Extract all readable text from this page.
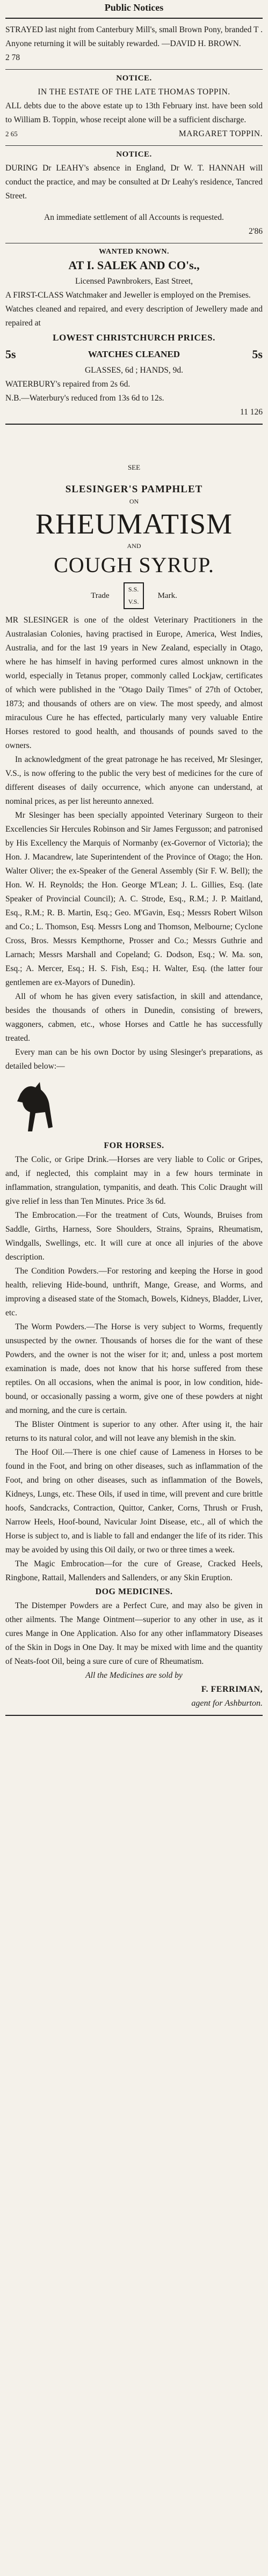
Public Notices

STRAYED last night from Canterbury Mill's, small Brown Pony, branded T . Anyone returning it will be suitably rewarded. —DAVID H. BROWN.

2 78
NOTICE.

IN THE ESTATE OF THE LATE THOMAS TOPPIN.

ALL debts due to the above estate up to 13th February inst. have been sold to William B. Toppin, whose receipt alone will be a sufficient discharge.

2 65	MARGARET TOPPIN.
NOTICE.

DURING Dr LEAHY's absence in England, Dr W. T. HANNAH will conduct the practice, and may be consulted at Dr Leahy's residence, Tancred Street.

An immediate settlement of all Accounts is requested.

2'86
WANTED KNOWN.
AT I. SALEK AND CO's.,

Licensed Pawnbrokers, East Street,

A FIRST-CLASS Watchmaker and Jeweller is employed on the Premises.

Watches cleaned and repaired, and every description of Jewellery made and repaired at

LOWEST CHRISTCHURCH PRICES.
5s	WATCHES CLEANED	5s

GLASSES, 6d ; HANDS, 9d.

WATERBURY's repaired from 2s 6d.

N.B.—Waterbury's reduced from 13s 6d to 12s.

11 126
SEE
SLESINGER'S PAMPHLET
ON
RHEUMATISM
AND
COUGH SYRUP.
Trade
S.S.
V.S.
Mark.

MR SLESINGER is one of the oldest Veterinary Practitioners in the Australasian Colonies, having practised in Europe, America, West Indies, Australia, and for the last 19 years in New Zealand, especially in Otago, where he has himself in having performed cures almost unknown in the world, especially in Tetanus proper, commonly called Lockjaw, certificates of which were published in the "Otago Daily Times" of 27th of October, 1873; and thousands of others are on view. The most speedy, and almost miraculous Cure he has effected, particularly many very valuable Entire Horses restored to good health, and thousands of pounds saved to the owners.

In acknowledgment of the great patronage he has received, Mr Slesinger, V.S., is now offering to the public the very best of medicines for the cure of different diseases of daily occurrence, which anyone can understand, at nominal prices, as per list hereunto annexed.

Mr Slesinger has been specially appointed Veterinary Surgeon to their Excellencies Sir Hercules Robinson and Sir James Fergusson; and patronised by His Excellency the Marquis of Normanby (ex-Governor of Victoria); the Hon. J. Macandrew, late Superintendent of the Province of Otago; the Hon. Walter Oliver; the ex-Speaker of the General Assembly (Sir F. W. Bell); the Hon. W. H. Reynolds; the Hon. George M'Lean; J. L. Gillies, Esq. (late Speaker of Provincial Council); A. C. Strode, Esq., R.M.; J. P. Maitland, Esq., R.M.; R. B. Martin, Esq.; Geo. M'Gavin, Esq.; Messrs Robert Wilson and Co.; L. Thomson, Esq. Messrs Long and Thomson, Melbourne; Cyclone Cross, Bros. Messrs Kempthorne, Prosser and Co.; Messrs Guthrie and Larnach; Messrs Marshall and Copeland; G. Dodson, Esq.; W. Ma. son, Esq.; A. Mercer, Esq.; H. S. Fish, Esq.; H. Walter, Esq. (the latter four gentlemen are ex-Mayors of Dunedin).

All of whom he has given every satisfaction, in skill and attendance, besides the thousands of others in Dunedin, consisting of brewers, waggoners, cabmen, etc., whose Horses and Cattle he has successfully treated.

Every man can be his own Doctor by using Slesinger's preparations, as detailed below:—

FOR HORSES.

The Colic, or Gripe Drink.—Horses are very liable to Colic or Gripes, and, if neglected, this complaint may in a few hours terminate in inflammation, strangulation, tympanitis, and death. This Colic Draught will give relief in less than Ten Minutes. Price 3s 6d.

The Embrocation.—For the treatment of Cuts, Wounds, Bruises from Saddle, Girths, Harness, Sore Shoulders, Strains, Sprains, Rheumatism, Windgalls, Swellings, etc. It will cure at once all injuries of the above description.

The Condition Powders.—For restoring and keeping the Horse in good health, relieving Hide-bound, unthrift, Mange, Grease, and Worms, and improving a diseased state of the Stomach, Bowels, Kidneys, Bladder, Liver, etc.

The Worm Powders.—The Horse is very subject to Worms, frequently unsuspected by the owner. Thousands of horses die for the want of these Powders, and the owner is not the wiser for it; and, unless a post mortem examination is made, does not know that his horse suffered from these reptiles. On all occasions, when the animal is poor, in low condition, hide-bound, or occasionally passing a worm, give one of these powders at night and morning, and the cure is certain.

The Blister Ointment is superior to any other. After using it, the hair returns to its natural color, and will not leave any blemish in the skin.

The Hoof Oil.—There is one chief cause of Lameness in Horses to be found in the Foot, and bring on other diseases, such as inflammation of the Foot, and bring on other diseases, such as inflammation of the Bowels, Kidneys, Lungs, etc. These Oils, if used in time, will prevent and cure brittle hoofs, Sandcracks, Contraction, Quittor, Canker, Corns, Thrush or Frush, Narrow Heels, Hoof-bound, Navicular Joint Disease, etc., all of which the Horse is subject to, and is liable to fall and endanger the life of its rider. This may be avoided by using this Oil daily, or two or three times a week.

The Magic Embrocation—for the cure of Grease, Cracked Heels, Ringbone, Rattail, Mallenders and Sallenders, or any Skin Eruption.

DOG MEDICINES.

The Distemper Powders are a Perfect Cure, and may also be given in other ailments. The Mange Ointment—superior to any other in use, as it cures Mange in One Application. Also for any other inflammatory Diseases of the Skin in Dogs in One Day. It may be mixed with lime and the quantity of Neats-foot Oil, being a sure cure of cure of Rheumatism.

All the Medicines are sold by

F. FERRIMAN,
agent for Ashburton.
